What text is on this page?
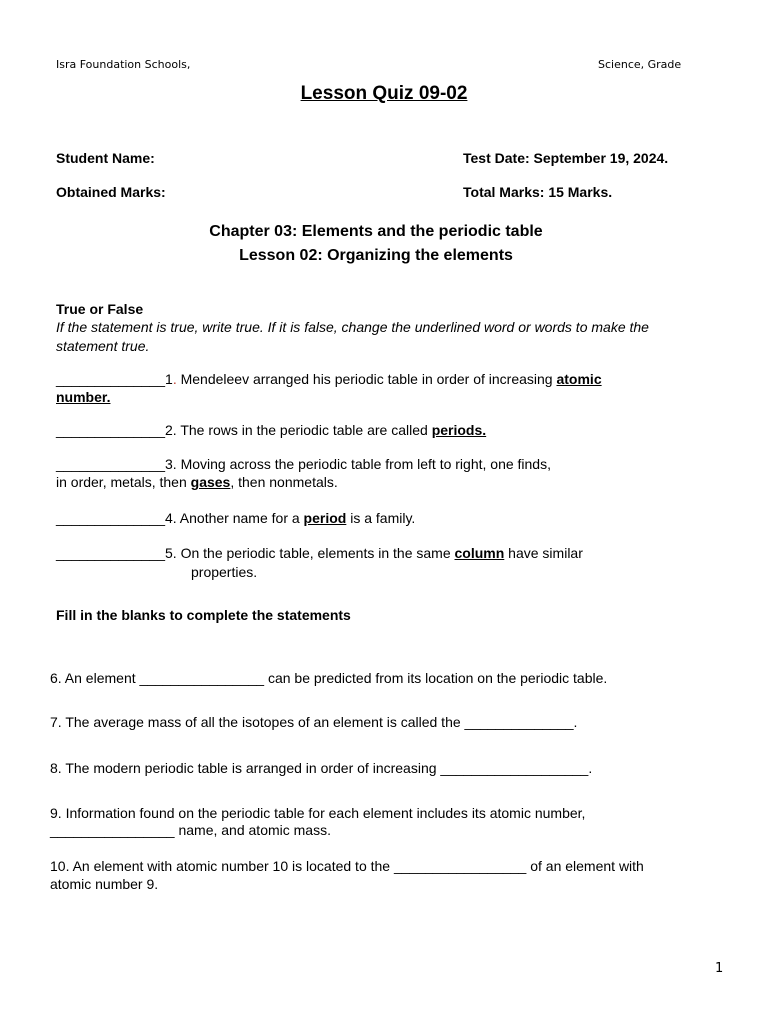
Isra Foundation Schools,	Science, Grade
Lesson Quiz 09-02
Student Name:	Test Date: September 19, 2024.
Obtained Marks:	Total Marks: 15 Marks.
Chapter 03: Elements and the periodic table
Lesson 02: Organizing the elements
True or False
If the statement is true, write true. If it is false, change the underlined word or words to make the statement true.
______________1. Mendeleev arranged his periodic table in order of increasing atomic
number.
______________2. The rows in the periodic table are called periods.
______________3. Moving across the periodic table from left to right, one finds,
in order, metals, then gases, then nonmetals.
______________4. Another name for a period is a family.
______________5. On the periodic table, elements in the same column have similar
properties.
Fill in the blanks to complete the statements
6. An element ________________ can be predicted from its location on the periodic table.
7. The average mass of all the isotopes of an element is called the ______________.
8. The modern periodic table is arranged in order of increasing ___________________.
9. Information found on the periodic table for each element includes its atomic number,
________________ name, and atomic mass.
10. An element with atomic number 10 is located to the _________________ of an element with
atomic number 9.
1
